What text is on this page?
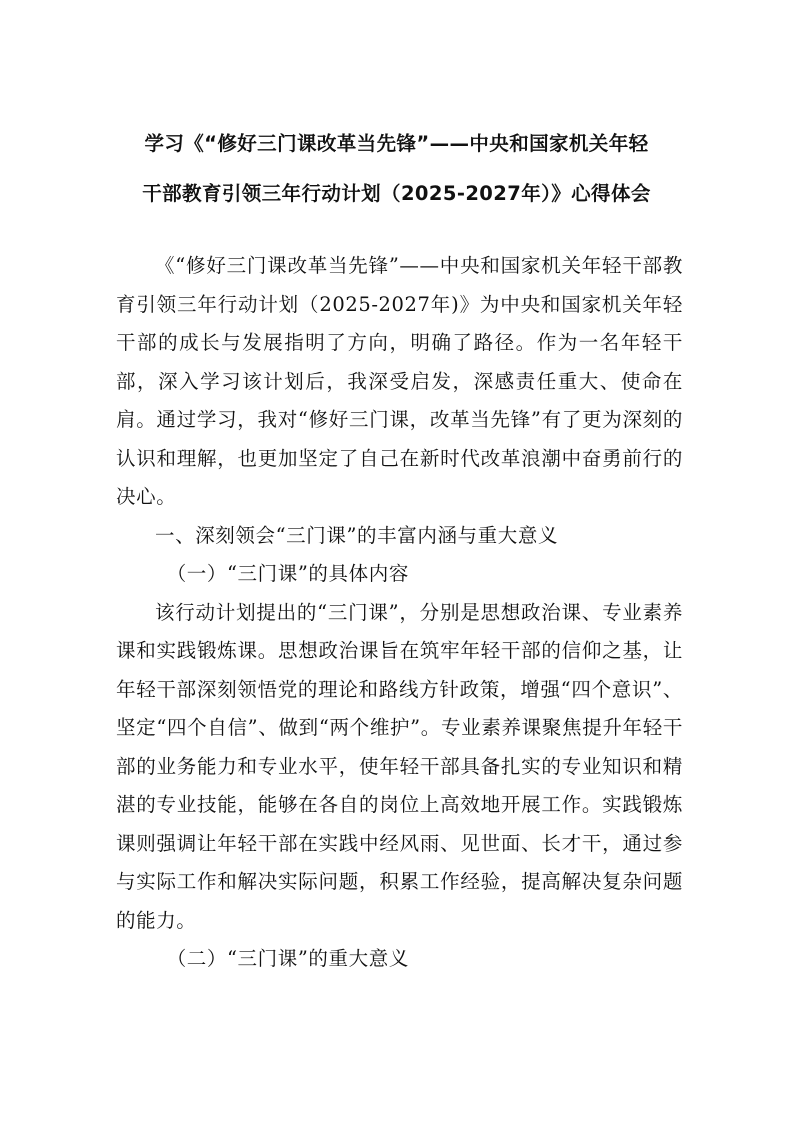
学习《“修好三门课改革当先锋”——中央和国家机关年轻
干部教育引领三年行动计划（2025-2027年）》心得体会

《“修好三门课改革当先锋”——中央和国家机关年轻干部教育引领三年行动计划（2025-2027年)》为中央和国家机关年轻干部的成长与发展指明了方向，明确了路径。作为一名年轻干部，深入学习该计划后，我深受启发，深感责任重大、使命在肩。通过学习，我对“修好三门课，改革当先锋”有了更为深刻的认识和理解，也更加坚定了自己在新时代改革浪潮中奋勇前行的决心。

一、深刻领会“三门课”的丰富内涵与重大意义

（一）“三门课”的具体内容

该行动计划提出的“三门课”，分别是思想政治课、专业素养课和实践锻炼课。思想政治课旨在筑牢年轻干部的信仰之基，让年轻干部深刻领悟党的理论和路线方针政策，增强“四个意识”、坚定“四个自信”、做到“两个维护”。专业素养课聚焦提升年轻干部的业务能力和专业水平，使年轻干部具备扎实的专业知识和精湛的专业技能，能够在各自的岗位上高效地开展工作。实践锻炼课则强调让年轻干部在实践中经风雨、见世面、长才干，通过参与实际工作和解决实际问题，积累工作经验，提高解决复杂问题的能力。

（二）“三门课”的重大意义
